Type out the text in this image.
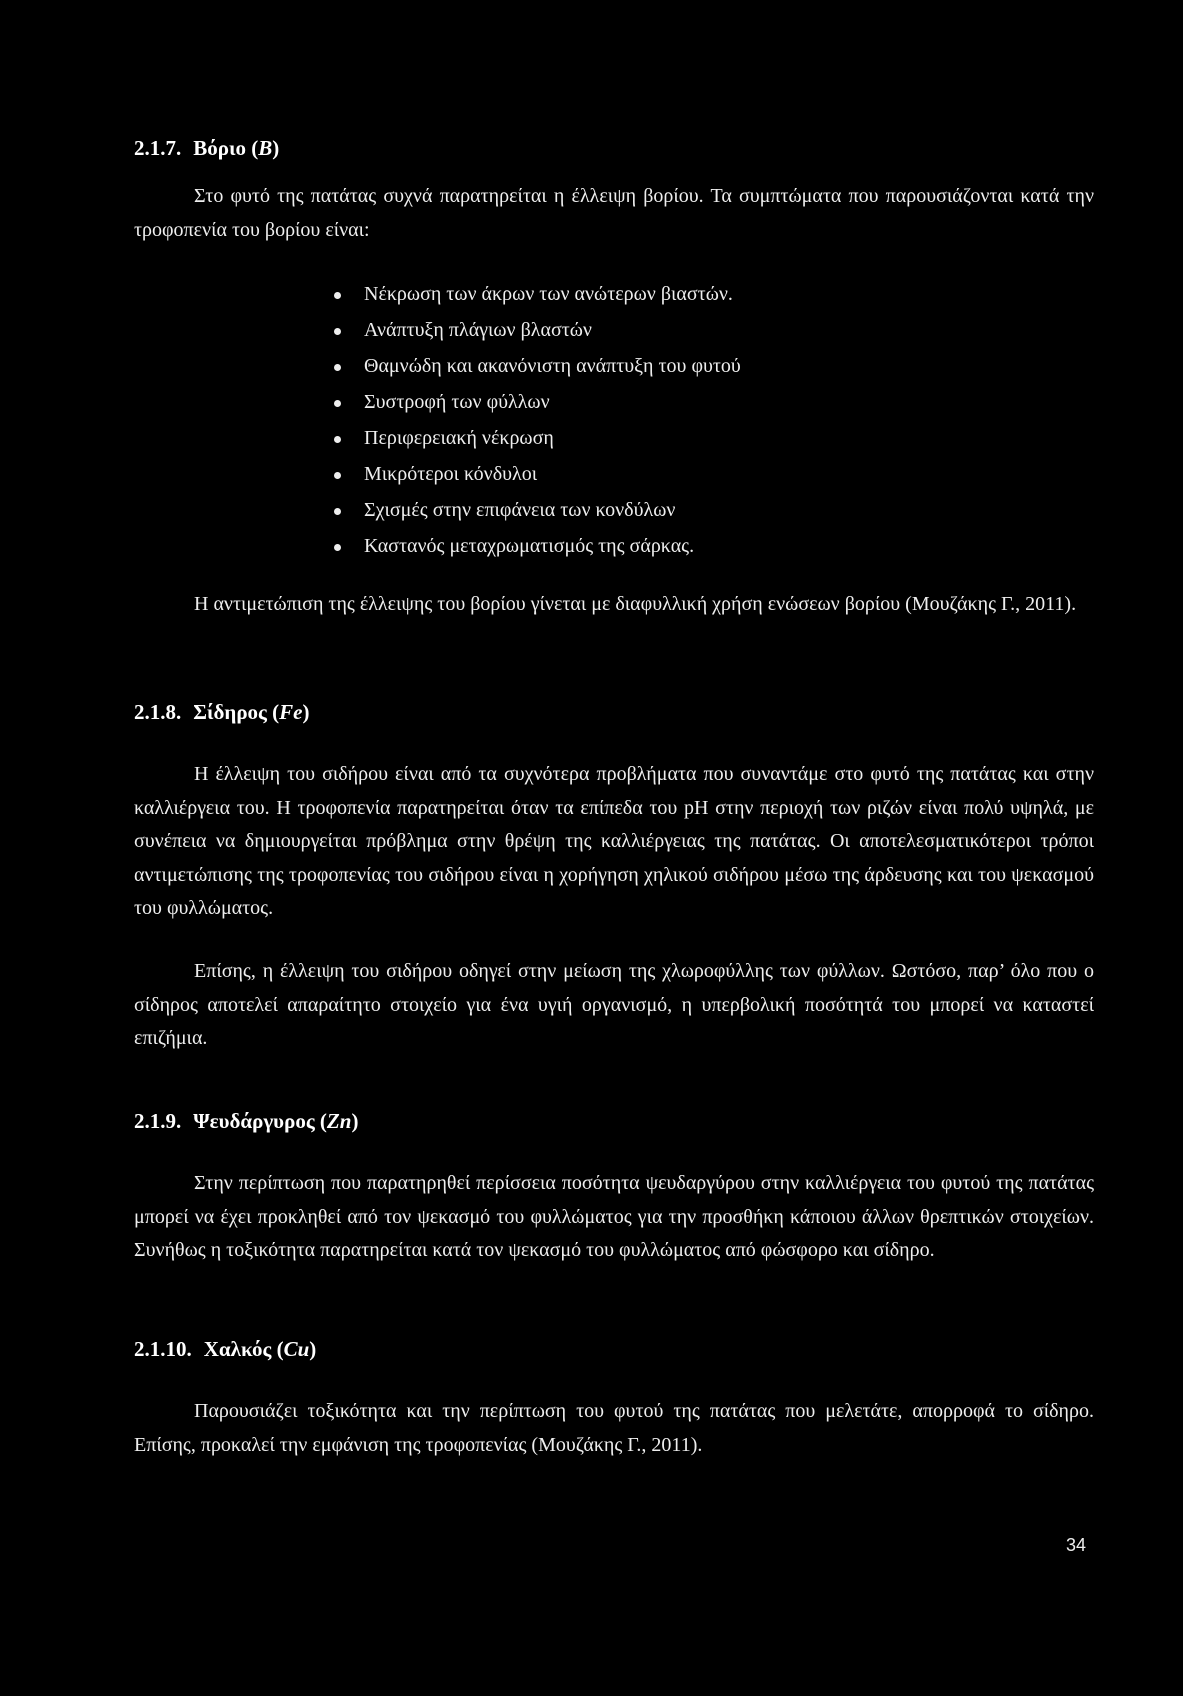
2.1.7. Βόριο (B)

Στο φυτό της πατάτας συχνά παρατηρείται η έλλειψη βορίου. Τα συμπτώματα που παρουσιάζονται κατά την τροφοπενία του βορίου είναι:

Νέκρωση των άκρων των ανώτερων βιαστών.
Ανάπτυξη πλάγιων βλαστών
Θαμνώδη και ακανόνιστη ανάπτυξη του φυτού
Συστροφή των φύλλων
Περιφερειακή νέκρωση
Μικρότεροι κόνδυλοι
Σχισμές στην επιφάνεια των κονδύλων
Καστανός μεταχρωματισμός της σάρκας.

Η αντιμετώπιση της έλλειψης του βορίου γίνεται με διαφυλλική χρήση ενώσεων βορίου (Μουζάκης Γ., 2011).

2.1.8. Σίδηρος (Fe)

Η έλλειψη του σιδήρου είναι από τα συχνότερα προβλήματα που συναντάμε στο φυτό της πατάτας και στην καλλιέργεια του. Η τροφοπενία παρατηρείται όταν τα επίπεδα του pH στην περιοχή των ριζών είναι πολύ υψηλά, με συνέπεια να δημιουργείται πρόβλημα στην θρέψη της καλλιέργειας της πατάτας. Οι αποτελεσματικότεροι τρόποι αντιμετώπισης της τροφοπενίας του σιδήρου είναι η χορήγηση χηλικού σιδήρου μέσω της άρδευσης και του ψεκασμού του φυλλώματος.

Επίσης, η έλλειψη του σιδήρου οδηγεί στην μείωση της χλωροφύλλης των φύλλων. Ωστόσο, παρ’ όλο που ο σίδηρος αποτελεί απαραίτητο στοιχείο για ένα υγιή οργανισμό, η υπερβολική ποσότητά του μπορεί να καταστεί επιζήμια.

2.1.9. Ψευδάργυρος (Zn)

Στην περίπτωση που παρατηρηθεί περίσσεια ποσότητα ψευδαργύρου στην καλλιέργεια του φυτού της πατάτας μπορεί να έχει προκληθεί από τον ψεκασμό του φυλλώματος για την προσθήκη κάποιου άλλων θρεπτικών στοιχείων. Συνήθως η τοξικότητα παρατηρείται κατά τον ψεκασμό του φυλλώματος από φώσφορο και σίδηρο.

2.1.10. Χαλκός (Cu)

Παρουσιάζει τοξικότητα και την περίπτωση του φυτού της πατάτας που μελετάτε, απορροφά το σίδηρο. Επίσης, προκαλεί την εμφάνιση της τροφοπενίας (Μουζάκης Γ., 2011).

34
